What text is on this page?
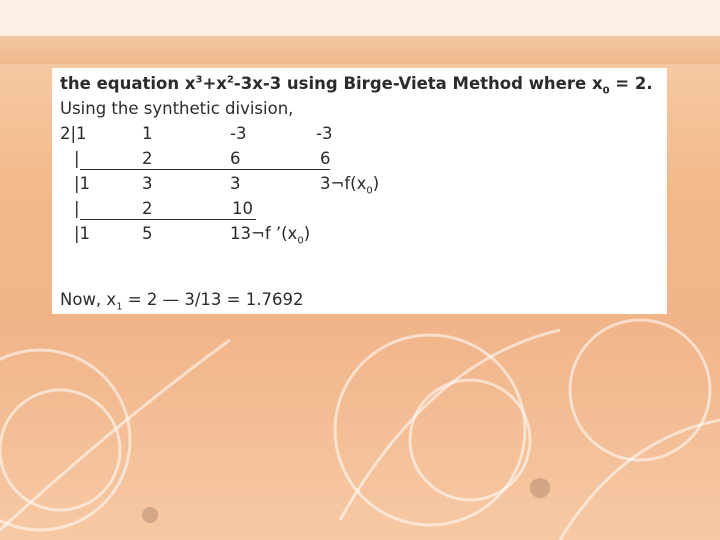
the equation $x^3+x^2-3x-3$ using Birge-Vieta Method where $x_0 = 2$.
Using the synthetic division,
2|1	1	-3	-3
|	2	6	6
|1	3	3	$3\neg f(x_0)$
|	2	10
|1	5	13¬f $’(x_0)$
Now, $x_1 = 2$ — 3/13 = 1.7692
